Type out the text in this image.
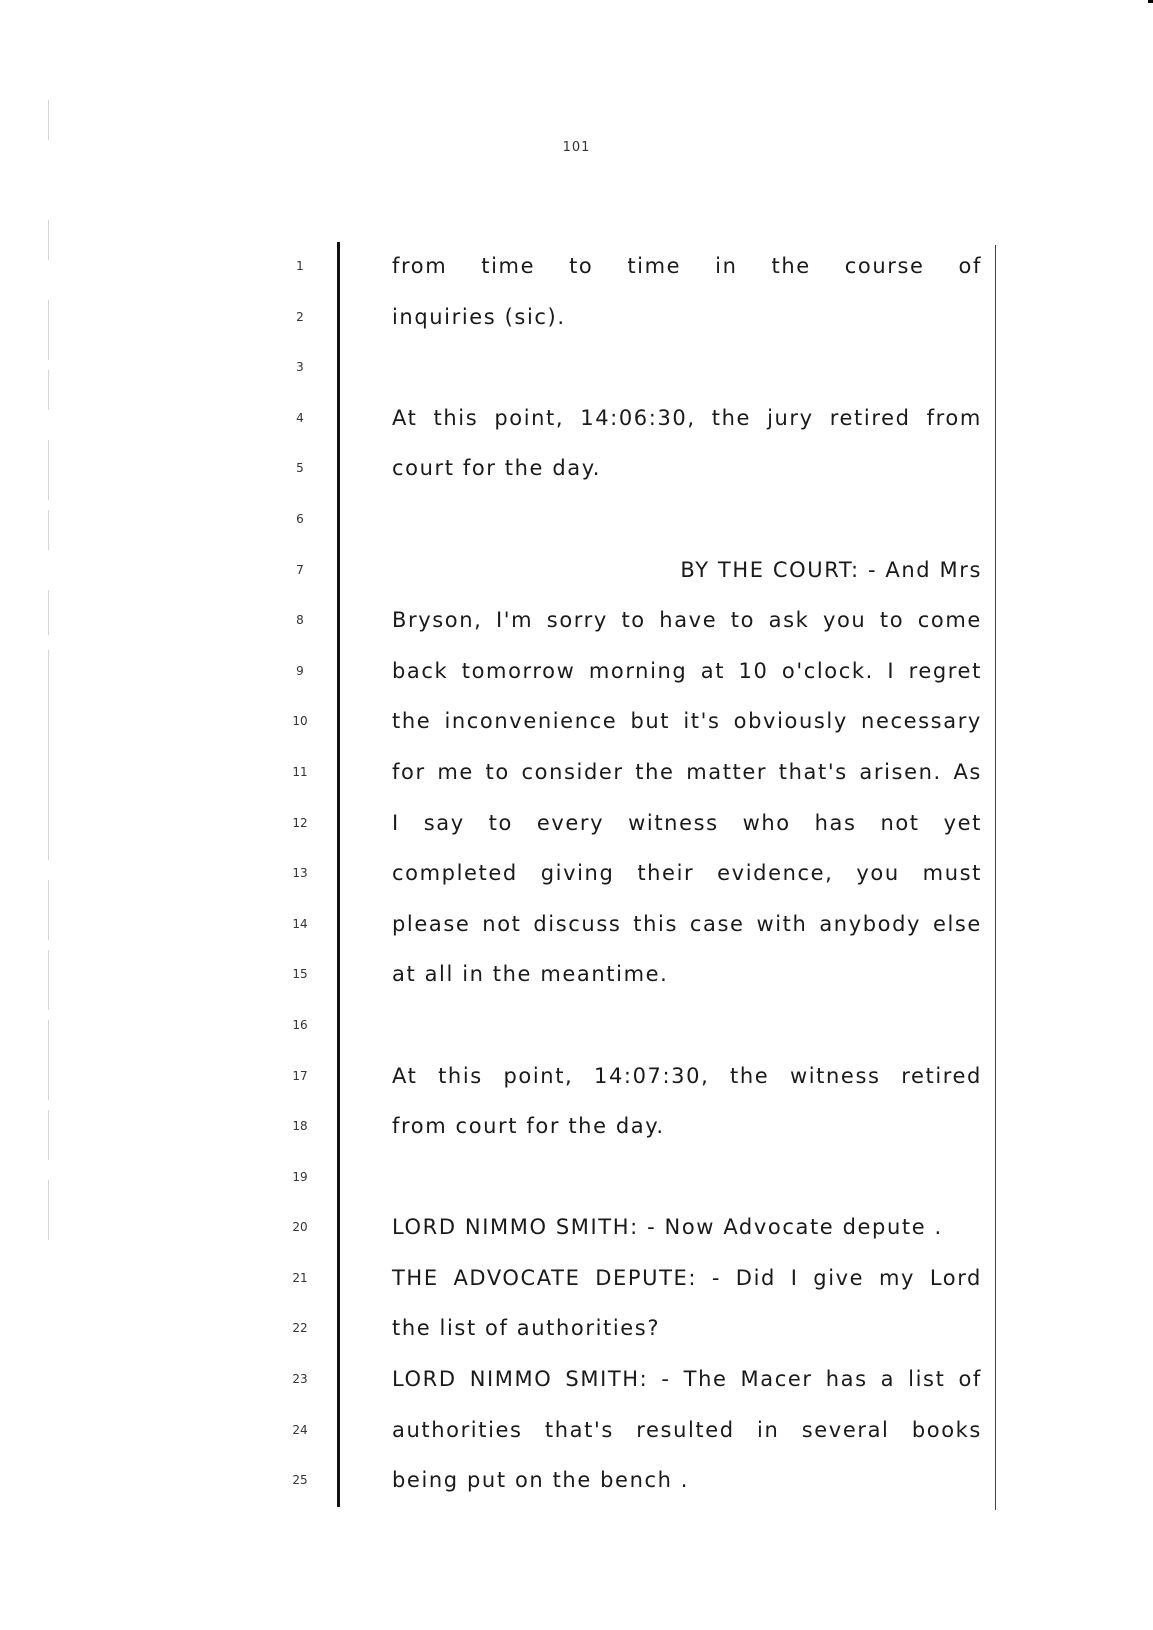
101
1
2
3
4
5
6
7
8
9
10
11
12
13
14
15
16
17
18
19
20
21
22
23
24
25
from time to time in the course of
inquiries (sic).
At this point, 14:06:30, the jury retired from
court for the day.
BY THE COURT: - And Mrs
Bryson, I'm sorry to have to ask you to come
back tomorrow morning at 10 o'clock. I regret
the inconvenience but it's obviously necessary
for me to consider the matter that's arisen. As
I say to every witness who has not yet
completed giving their evidence, you must
please not discuss this case with anybody else
at all in the meantime.
At this point, 14:07:30, the witness retired
from court for the day.
LORD NIMMO SMITH: - Now Advocate depute .
THE ADVOCATE DEPUTE: - Did I give my Lord
the list of authorities?
LORD NIMMO SMITH: - The Macer has a list of
authorities that's resulted in several books
being put on the bench .
